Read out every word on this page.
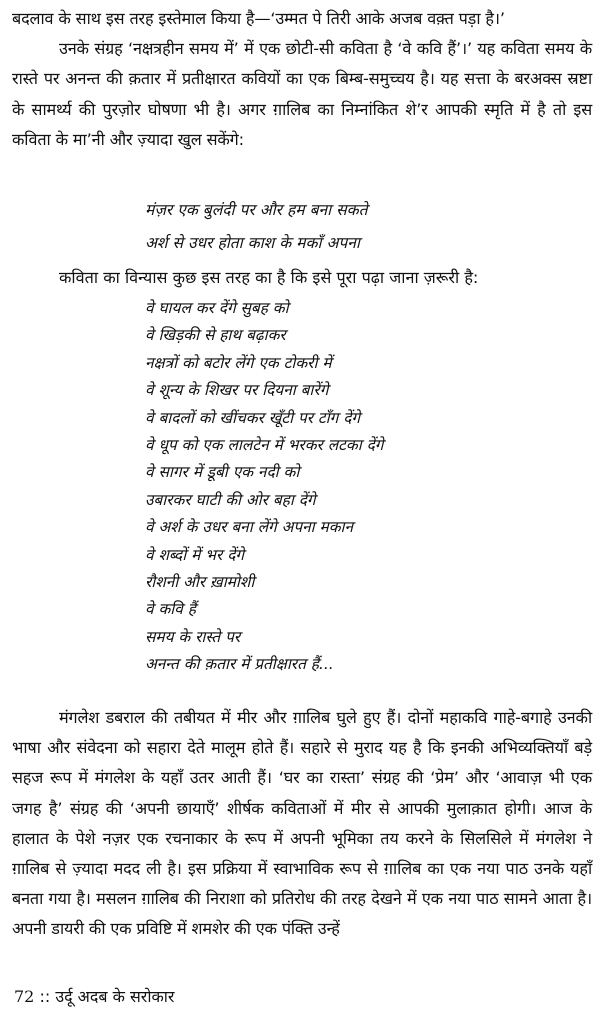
बदलाव के साथ इस तरह इस्तेमाल किया है—‘उम्मत पे तिरी आके अजब वक़्त पड़ा है।’

उनके संग्रह ‘नक्षत्रहीन समय में’ में एक छोटी-सी कविता है ‘वे कवि हैं’।’ यह कविता समय के रास्ते पर अनन्त की क़तार में प्रतीक्षारत कवियों का एक बिम्ब-समुच्चय है। यह सत्ता के बरअक्स स्रष्टा के सामर्थ्य की पुरज़ोर घोषणा भी है। अगर ग़ालिब का निम्नांकित शे’र आपकी स्मृति में है तो इस कविता के मा’नी और ज़्यादा खुल सकेंगे:

मंज़र एक बुलंदी पर और हम बना सकते
अर्श से उधर होता काश के मकाँ अपना
कविता का विन्यास कुछ इस तरह का है कि इसे पूरा पढ़ा जाना ज़रूरी है:
वे घायल कर देंगे सुबह को
वे खिड़की से हाथ बढ़ाकर
नक्षत्रों को बटोर लेंगे एक टोकरी में
वे शून्य के शिखर पर दियना बारेंगे
वे बादलों को खींचकर खूँटी पर टाँग देंगे
वे धूप को एक लालटेन में भरकर लटका देंगे
वे सागर में डूबी एक नदी को
उबारकर घाटी की ओर बहा देंगे
वे अर्श के उधर बना लेंगे अपना मकान
वे शब्दों में भर देंगे
रौशनी और ख़ामोशी
वे कवि हैं
समय के रास्ते पर
अनन्त की क़तार में प्रतीक्षारत हैं...

मंगलेश डबराल की तबीयत में मीर और ग़ालिब घुले हुए हैं। दोनों महाकवि गाहे-बगाहे उनकी भाषा और संवेदना को सहारा देते मालूम होते हैं। सहारे से मुराद यह है कि इनकी अभिव्यक्तियाँ बड़े सहज रूप में मंगलेश के यहाँ उतर आती हैं। ‘घर का रास्ता’ संग्रह की ‘प्रेम’ और ‘आवाज़ भी एक जगह है’ संग्रह की ‘अपनी छायाएँ’ शीर्षक कविताओं में मीर से आपकी मुलाक़ात होगी। आज के हालात के पेशे नज़र एक रचनाकार के रूप में अपनी भूमिका तय करने के सिलसिले में मंगलेश ने ग़ालिब से ज़्यादा मदद ली है। इस प्रक्रिया में स्वाभाविक रूप से ग़ालिब का एक नया पाठ उनके यहाँ बनता गया है। मसलन ग़ालिब की निराशा को प्रतिरोध की तरह देखने में एक नया पाठ सामने आता है। अपनी डायरी की एक प्रविष्टि में शमशेर की एक पंक्ति उन्हें

72 :: उर्दू अदब के सरोकार
